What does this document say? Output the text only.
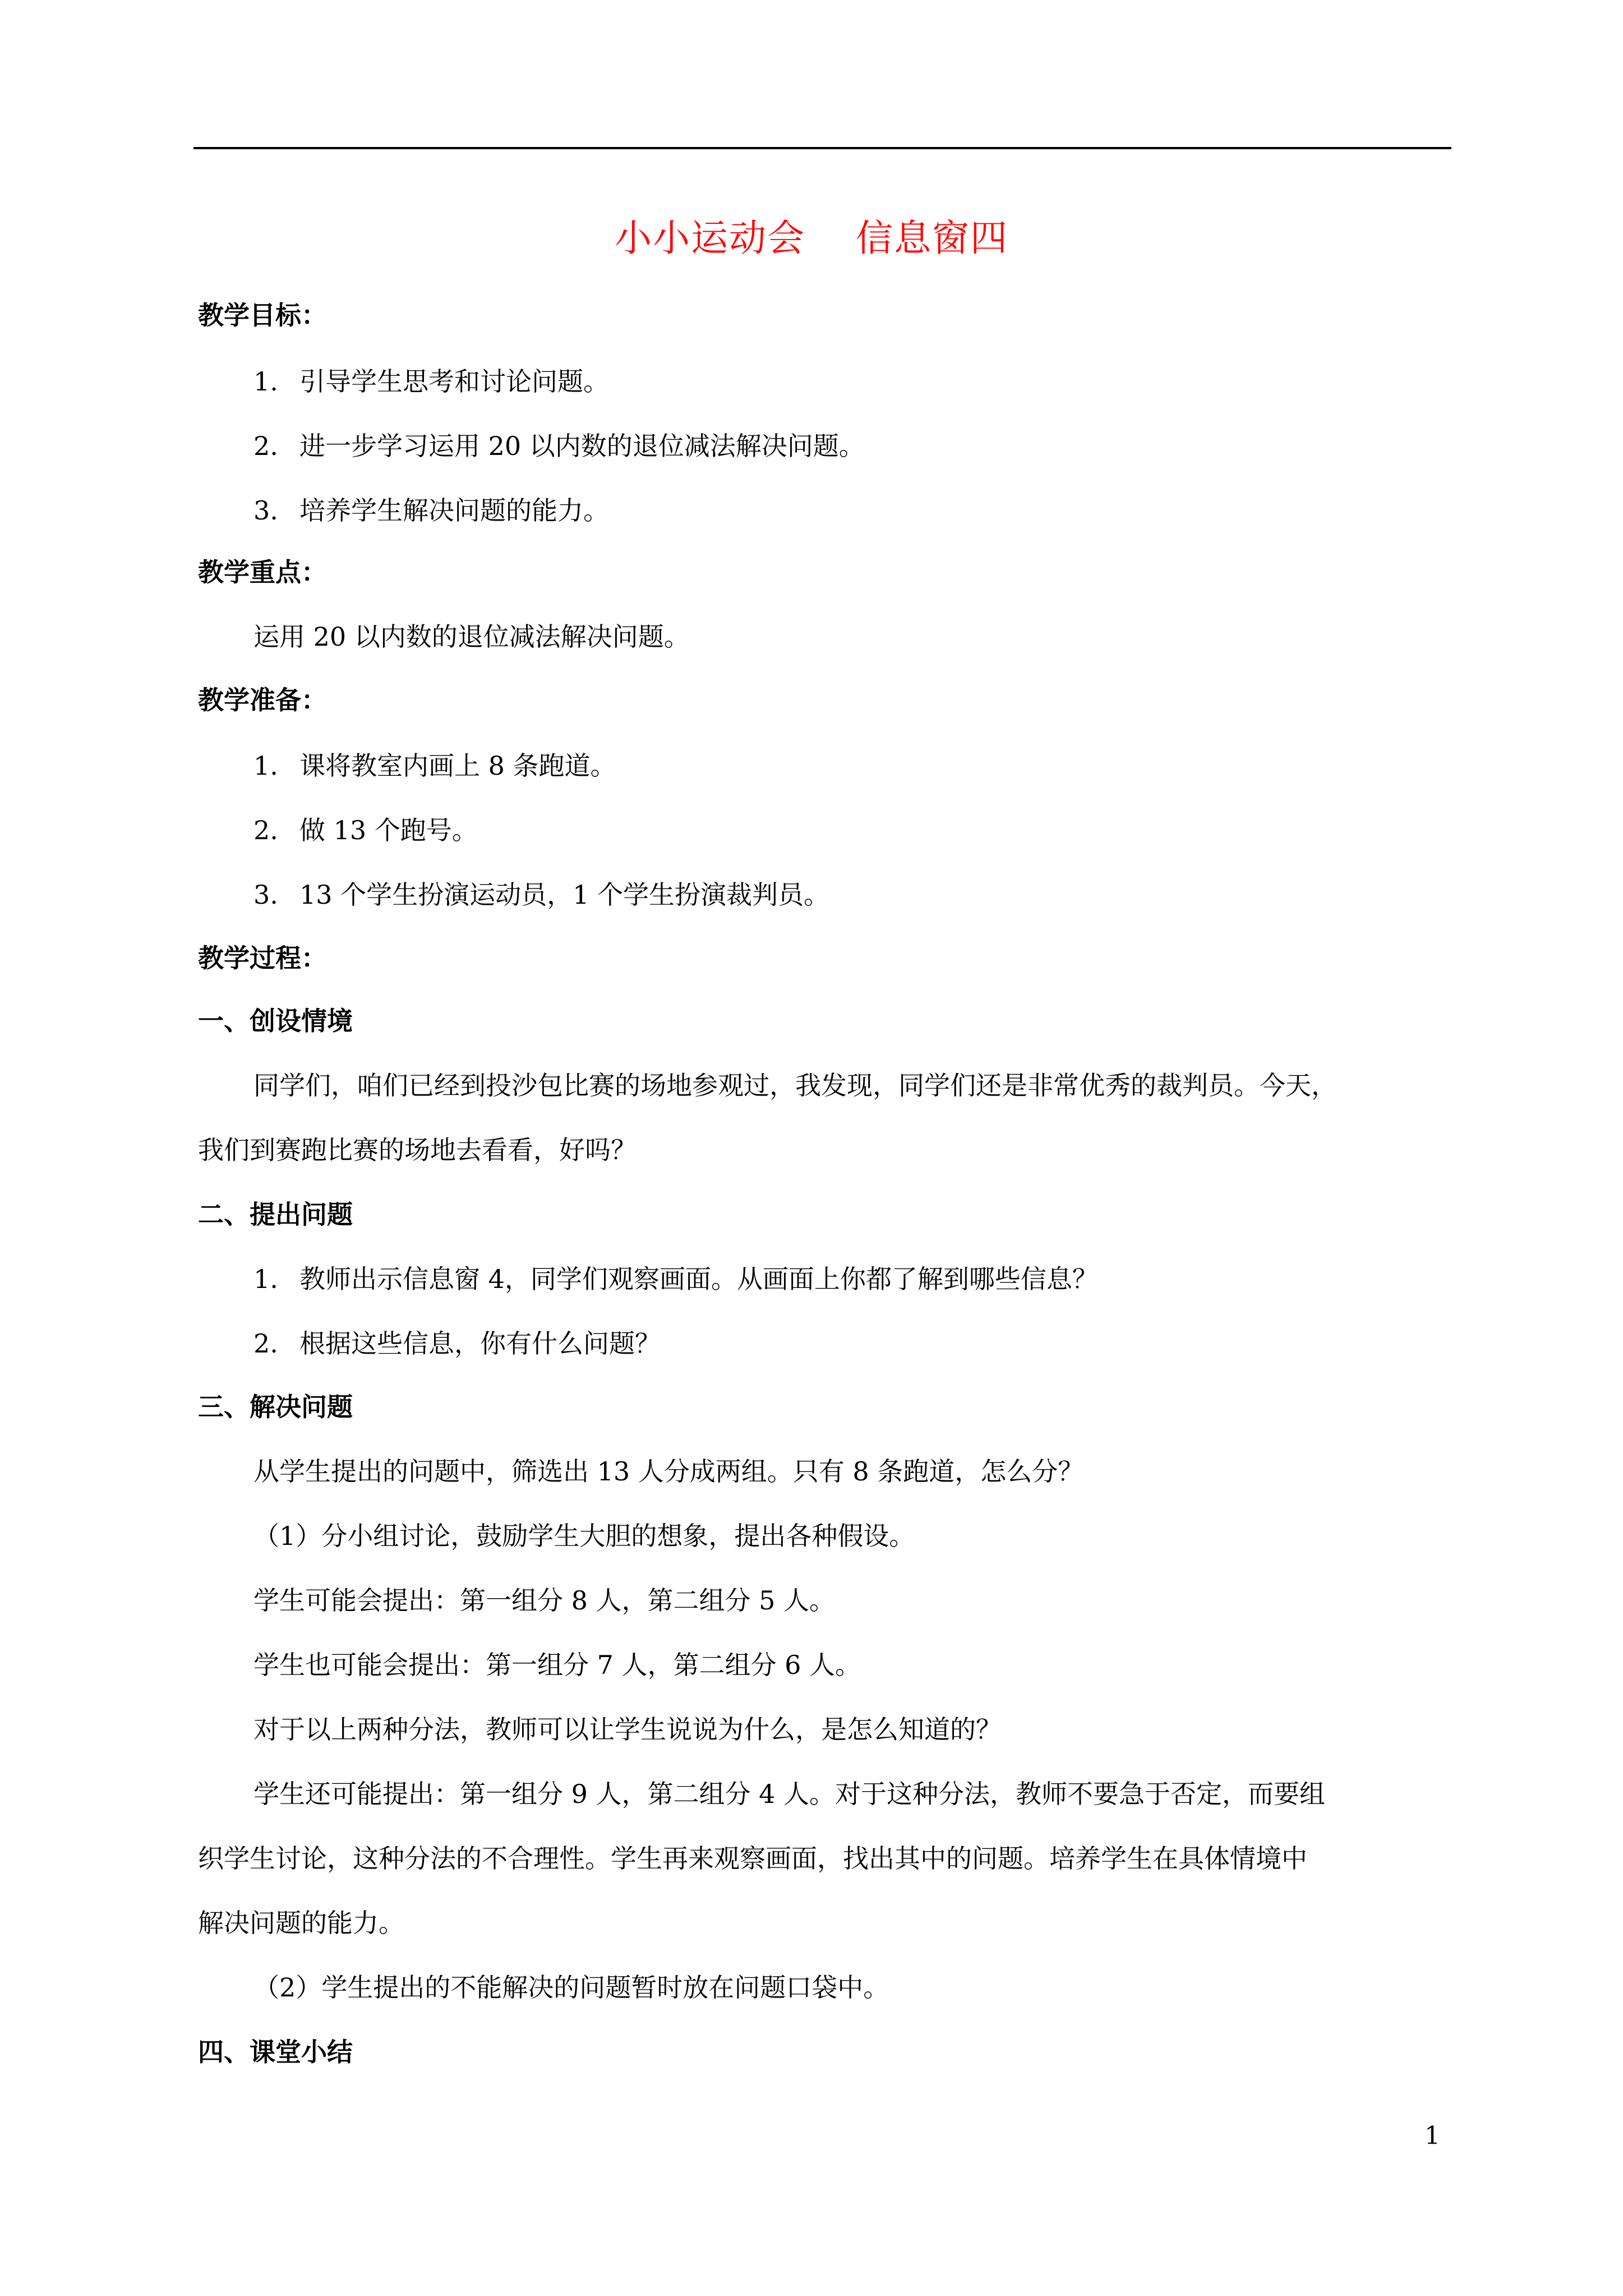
小小运动会 信息窗四
教学目标：
1. 引导学生思考和讨论问题。
2. 进一步学习运用 20 以内数的退位减法解决问题。
3. 培养学生解决问题的能力。
教学重点：
运用 20 以内数的退位减法解决问题。
教学准备：
1. 课将教室内画上 8 条跑道。
2. 做 13 个跑号。
3. 13 个学生扮演运动员，1 个学生扮演裁判员。
教学过程：
一、创设情境
同学们，咱们已经到投沙包比赛的场地参观过，我发现，同学们还是非常优秀的裁判员。今天，
我们到赛跑比赛的场地去看看，好吗？
二、提出问题
1. 教师出示信息窗 4，同学们观察画面。从画面上你都了解到哪些信息？
2. 根据这些信息，你有什么问题？
三、解决问题
从学生提出的问题中，筛选出 13 人分成两组。只有 8 条跑道，怎么分？
（1）分小组讨论，鼓励学生大胆的想象，提出各种假设。
学生可能会提出：第一组分 8 人，第二组分 5 人。
学生也可能会提出：第一组分 7 人，第二组分 6 人。
对于以上两种分法，教师可以让学生说说为什么，是怎么知道的？
学生还可能提出：第一组分 9 人，第二组分 4 人。对于这种分法，教师不要急于否定，而要组
织学生讨论，这种分法的不合理性。学生再来观察画面，找出其中的问题。培养学生在具体情境中
解决问题的能力。
（2）学生提出的不能解决的问题暂时放在问题口袋中。
四、课堂小结
1
